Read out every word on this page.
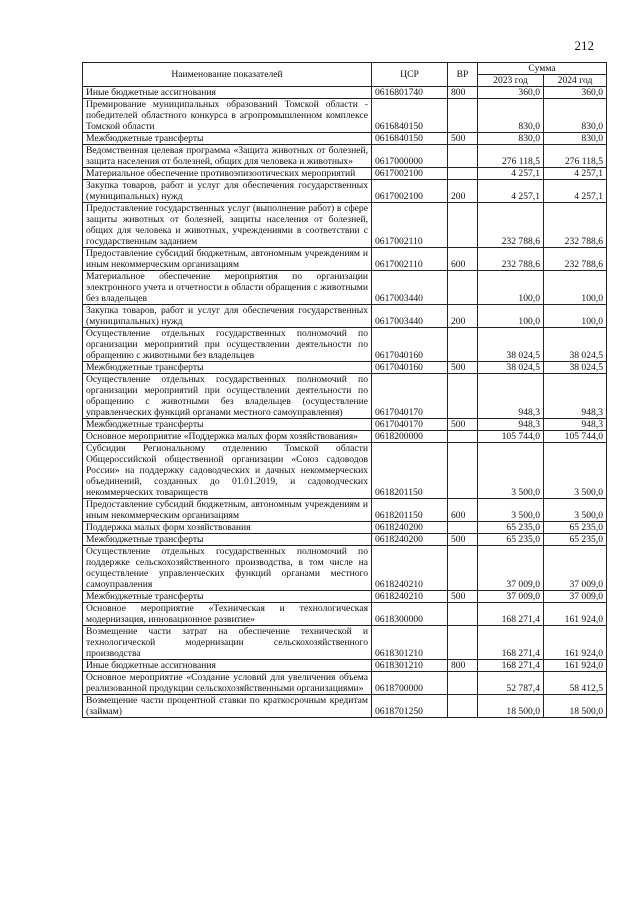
212
Наименование показателей	ЦСР	ВР	Сумма	
			2023 год	2024 год
Иные бюджетные ассигнования	0616801740	800	360,0	360,0
Премирование муниципальных образований Томской области - победителей областного конкурса в агропромышленном комплексе Томской области	0616840150		830,0	830,0
Межбюджетные трансферты	0616840150	500	830,0	830,0
Ведомственная целевая программа «Защита животных от болезней, защита населения от болезней, общих для человека и животных»	0617000000		276 118,5	276 118,5
Материальное обеспечение противоэпизоотических мероприятий	0617002100		4 257,1	4 257,1
Закупка товаров, работ и услуг для обеспечения государственных (муниципальных) нужд	0617002100	200	4 257,1	4 257,1
Предоставление государственных услуг (выполнение работ) в сфере защиты животных от болезней, защиты населения от болезней, общих для человека и животных, учреждениями в соответствии с государственным заданием	0617002110		232 788,6	232 788,6
Предоставление субсидий бюджетным, автономным учреждениям и иным некоммерческим организациям	0617002110	600	232 788,6	232 788,6
Материальное обеспечение мероприятия по организации электронного учета и отчетности в области обращения с животными без владельцев	0617003440		100,0	100,0
Закупка товаров, работ и услуг для обеспечения государственных (муниципальных) нужд	0617003440	200	100,0	100,0
Осуществление отдельных государственных полномочий по организации мероприятий при осуществлении деятельности по обращению с животными без владельцев	0617040160		38 024,5	38 024,5
Межбюджетные трансферты	0617040160	500	38 024,5	38 024,5
Осуществление отдельных государственных полномочий по организации мероприятий при осуществлении деятельности по обращению с животными без владельцев (осуществление управленческих функций органами местного самоуправления)	0617040170		948,3	948,3
Межбюджетные трансферты	0617040170	500	948,3	948,3
Основное мероприятие «Поддержка малых форм хозяйствования»	0618200000		105 744,0	105 744,0
Субсидия Региональному отделению Томской области Общероссийской общественной организации «Союз садоводов России» на поддержку садоводческих и дачных некоммерческих объединений, созданных до 01.01.2019, и садоводческих некоммерческих товариществ	0618201150		3 500,0	3 500,0
Предоставление субсидий бюджетным, автономным учреждениям и иным некоммерческим организациям	0618201150	600	3 500,0	3 500,0
Поддержка малых форм хозяйствования	0618240200		65 235,0	65 235,0
Межбюджетные трансферты	0618240200	500	65 235,0	65 235,0
Осуществление отдельных государственных полномочий по поддержке сельскохозяйственного производства, в том числе на осуществление управленческих функций органами местного самоуправления	0618240210		37 009,0	37 009,0
Межбюджетные трансферты	0618240210	500	37 009,0	37 009,0
Основное мероприятие «Техническая и технологическая модернизация, инновационное развитие»	0618300000		168 271,4	161 924,0
Возмещение части затрат на обеспечение технической и технологической модернизации сельскохозяйственного производства	0618301210		168 271,4	161 924,0
Иные бюджетные ассигнования	0618301210	800	168 271,4	161 924,0
Основное мероприятие «Создание условий для увеличения объема реализованной продукции сельскохозяйственными организациями»	0618700000		52 787,4	58 412,5
Возмещение части процентной ставки по краткосрочным кредитам (займам)	0618701250		18 500,0	18 500,0
